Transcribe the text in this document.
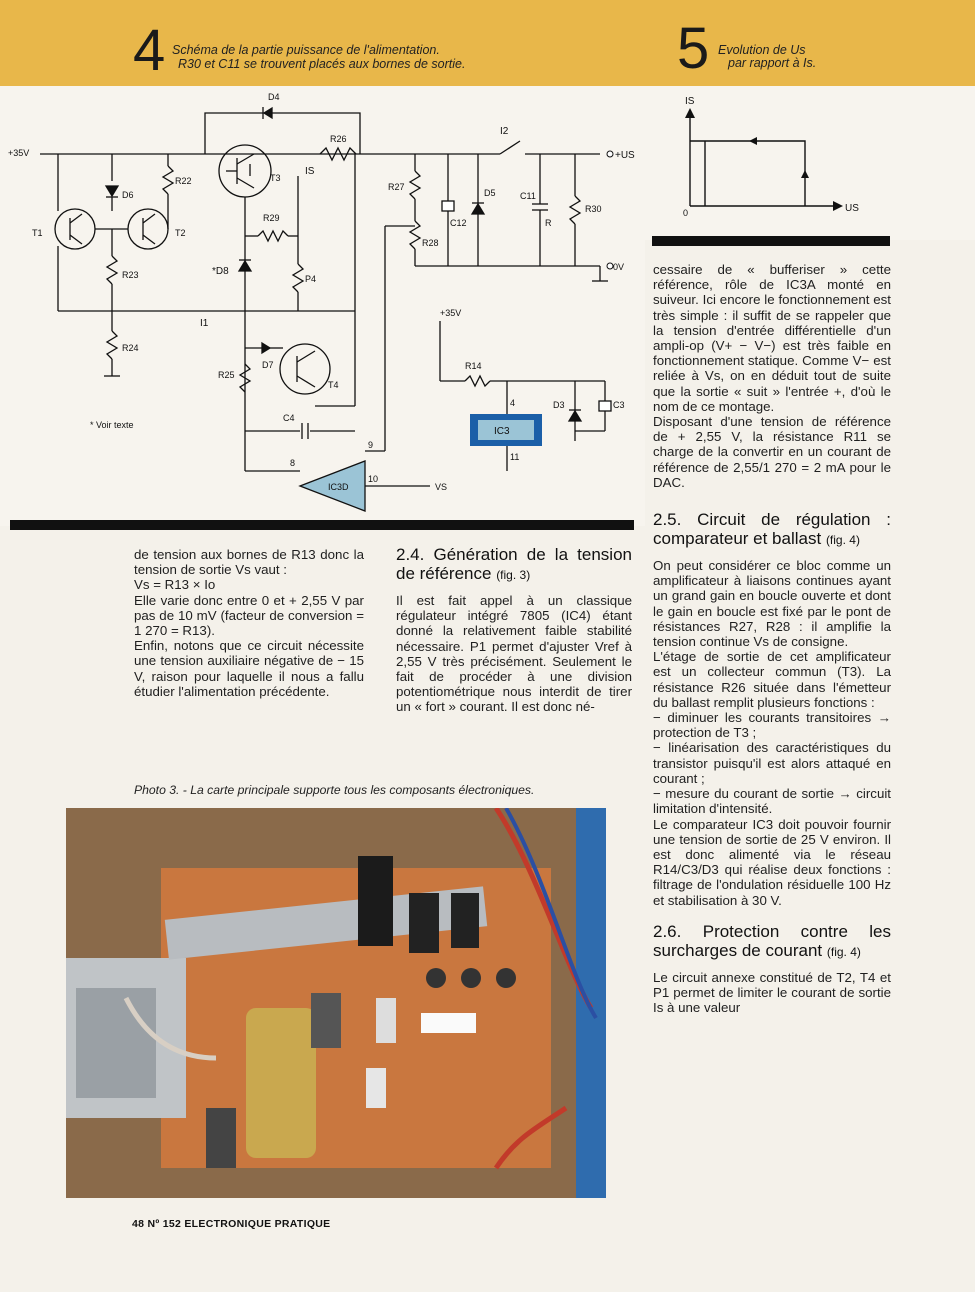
4 Schéma de la partie puissance de l'alimentation.
R30 et C11 se trouvent placés aux bornes de sortie.	5 Evolution de Us
par rapport à Is.
+35V
D4
R26
I2
+US
IS
T3
R22
D6
R27
D5	C11
R30
C12	R
T1	T2
R29
R28
0V
R23	*D8
P4
I1
+35V
R24
D7
R25
T4
R14
D3	C3
4
IC3
11
* Voir texte
C4
9
8
IC3D
10
VS
IS
US
0

de tension aux bornes de R13 donc la tension de sortie Vs vaut :

Vs = R13 × Io

Elle varie donc entre 0 et + 2,55 V par pas de 10 mV (facteur de conversion = 1 270 = R13).

Enfin, notons que ce circuit nécessite une tension auxiliaire négative de − 15 V, raison pour laquelle il nous a fallu étudier l'alimentation précédente.

2.4. Génération de la tension de référence (fig. 3)

Il est fait appel à un classique régulateur intégré 7805 (IC4) étant donné la relativement faible stabilité nécessaire. P1 permet d'ajuster Vref à 2,55 V très précisément. Seulement le fait de procéder à une division potentiométrique nous interdit de tirer un « fort » courant. Il est donc né-

Photo 3. - La carte principale supporte tous les composants électroniques.

cessaire de « bufferiser » cette référence, rôle de IC3A monté en suiveur. Ici encore le fonctionnement est très simple : il suffit de se rappeler que la tension d'entrée différentielle d'un ampli-op (V+ − V−) est très faible en fonctionnement statique. Comme V− est reliée à Vs, on en déduit tout de suite que la sortie « suit » l'entrée +, d'où le nom de ce montage.

Disposant d'une tension de référence de + 2,55 V, la résistance R11 se charge de la convertir en un courant de référence de 2,55/1 270 = 2 mA pour le DAC.

2.5. Circuit de régulation : comparateur et ballast (fig. 4)

On peut considérer ce bloc comme un amplificateur à liaisons continues ayant un grand gain en boucle ouverte et dont le gain en boucle est fixé par le pont de résistances R27, R28 : il amplifie la tension continue Vs de consigne.

L'étage de sortie de cet amplificateur est un collecteur commun (T3). La résistance R26 située dans l'émetteur du ballast remplit plusieurs fonctions :

− diminuer les courants transitoires → protection de T3 ;

− linéarisation des caractéristiques du transistor puisqu'il est alors attaqué en courant ;

− mesure du courant de sortie → circuit limitation d'intensité.

Le comparateur IC3 doit pouvoir fournir une tension de sortie de 25 V environ. Il est donc alimenté via le réseau R14/C3/D3 qui réalise deux fonctions : filtrage de l'ondulation résiduelle 100 Hz et stabilisation à 30 V.

2.6. Protection contre les surcharges de courant (fig. 4)

Le circuit annexe constitué de T2, T4 et P1 permet de limiter le courant de sortie Is à une valeur

48 Nº 152 ELECTRONIQUE PRATIQUE
